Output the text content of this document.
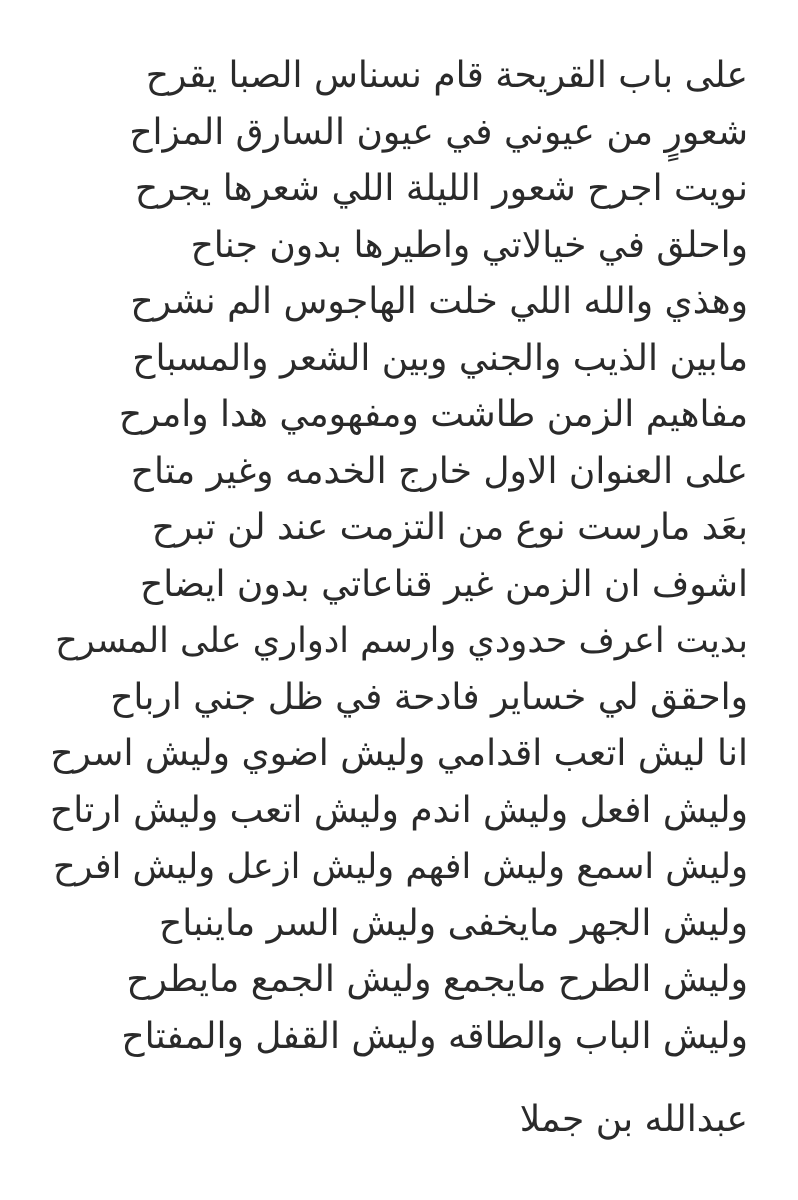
على باب القريحة قام نسناس الصبا يقرح
شعورٍ من عيوني في عيون السارق المزاح
نويت اجرح شعور الليلة اللي شعرها يجرح
واحلق في خيالاتي واطيرها بدون جناح
وهذي والله اللي خلت الهاجوس الم نشرح
مابين الذيب والجني وبين الشعر والمسباح
مفاهيم الزمن طاشت ومفهومي هدا وامرح
على العنوان الاول خارج الخدمه وغير متاح
بعَد مارست نوع من التزمت عند لن تبرح
اشوف ان الزمن غير قناعاتي بدون ايضاح
بديت اعرف حدودي وارسم ادواري على المسرح
واحقق لي خساير فادحة في ظل جني ارباح
انا ليش اتعب اقدامي وليش اضوي وليش اسرح
وليش افعل وليش اندم وليش اتعب وليش ارتاح
وليش اسمع وليش افهم وليش ازعل وليش افرح
وليش الجهر مايخفى وليش السر ماينباح
وليش الطرح مايجمع وليش الجمع مايطرح
وليش الباب والطاقه وليش القفل والمفتاح
عبدالله بن جملا
